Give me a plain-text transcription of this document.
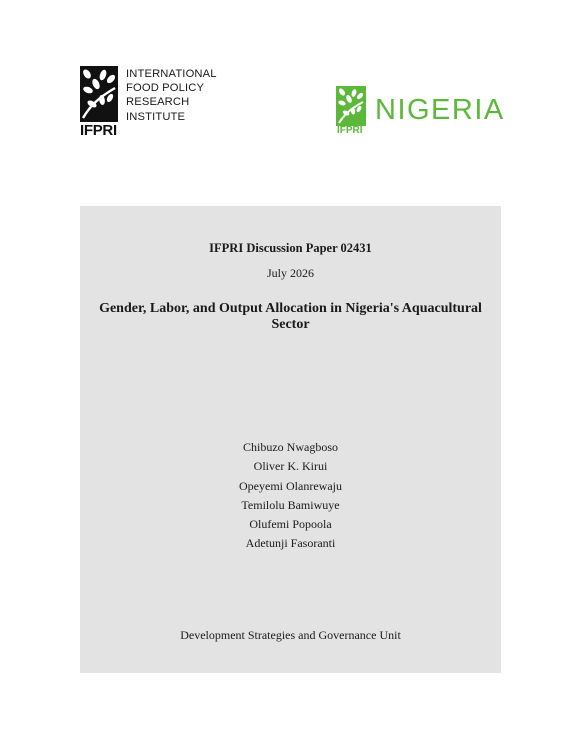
IFPRI
INTERNATIONAL
FOOD POLICY
RESEARCH
INSTITUTE
IFPRI
NIGERIA
IFPRI Discussion Paper 02431
July 2026
Gender, Labor, and Output Allocation in Nigeria's Aquacultural Sector
Chibuzo Nwagboso
Oliver K. Kirui
Opeyemi Olanrewaju
Temilolu Bamiwuye
Olufemi Popoola
Adetunji Fasoranti
Development Strategies and Governance Unit
